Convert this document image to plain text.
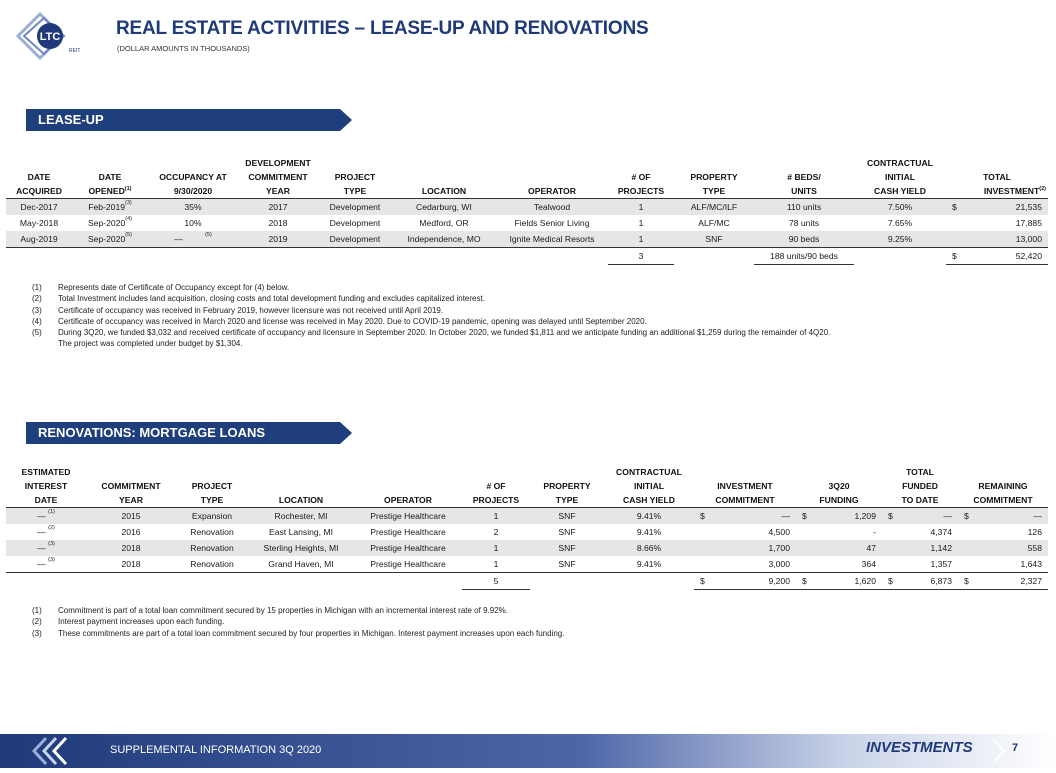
LTC
REIT
REAL ESTATE ACTIVITIES – LEASE-UP AND RENOVATIONS
(DOLLAR AMOUNTS IN THOUSANDS)
LEASE-UP
			DEVELOPMENT							CONTRACTUAL	
DATE	DATE	OCCUPANCY AT	COMMITMENT	PROJECT			# OF	PROPERTY	# BEDS/	INITIAL	TOTAL
ACQUIRED	OPENED$^{(1)}$	9/30/2020	YEAR	TYPE	LOCATION	OPERATOR	PROJECTS	TYPE	UNITS	CASH YIELD	INVESTMENT$^{(2)}$
Dec-2017	Feb-2019$^{(3)}$	35%	2017	Development	Cedarburg, WI	Tealwood	1	ALF/MC/ILF	110 units	7.50%	$ 21,535

May-2018	Sep-2020$^{(4)}$	10%	2018	Development	Medford, OR	Fields Senior Living	1	ALF/MC	78 units	7.65%	17,885

Aug-2019	Sep-2020$^{(5)}$	— $^{(5)}$	2019	Development	Independence, MO	Ignite Medical Resorts	1	SNF	90 beds	9.25%	13,000

							3		188 units/90 beds		$ 52,420
(1)	Represents date of Certificate of Occupancy except for (4) below.
(2)	Total Investment includes land acquisition, closing costs and total development funding and excludes capitalized interest.
(3)	Certificate of occupancy was received in February 2019, however licensure was not received until April 2019.
(4)	Certificate of occupancy was received in March 2020 and license was received in May 2020. Due to COVID-19 pandemic, opening was delayed until September 2020.
(5)	During 3Q20, we funded $3,032 and received certificate of occupancy and licensure in September 2020. In October 2020, we funded $1,811 and we anticipate funding an additional $1,259 during the remainder of 4Q20.
The project was completed under budget by $1,304.
RENOVATIONS: MORTGAGE LOANS
ESTIMATED							CONTRACTUAL			TOTAL	
INTEREST	COMMITMENT	PROJECT			# OF	PROPERTY	INITIAL	INVESTMENT	3Q20	FUNDED	REMAINING
DATE	YEAR	TYPE	LOCATION	OPERATOR	PROJECTS	TYPE	CASH YIELD	COMMITMENT	FUNDING	TO DATE	COMMITMENT
— $^{(1)}$	2015	Expansion	Rochester, MI	Prestige Healthcare	1	SNF	9.41%	$ —	$ 1,209	$ —	$ —

— $^{(2)}$	2016	Renovation	East Lansing, MI	Prestige Healthcare	2	SNF	9.41%	4,500	-	4,374	126

— $^{(3)}$	2018	Renovation	Sterling Heights, MI	Prestige Healthcare	1	SNF	8.66%	1,700	47	1,142	558

— $^{(3)}$	2018	Renovation	Grand Haven, MI	Prestige Healthcare	1	SNF	9.41%	3,000	364	1,357	1,643

					5			$ 9,200	$ 1,620	$ 6,873	$ 2,327
(1)	Commitment is part of a total loan commitment secured by 15 properties in Michigan with an incremental interest rate of 9.92%.
(2)	Interest payment increases upon each funding.
(3)	These commitments are part of a total loan commitment secured by four properties in Michigan. Interest payment increases upon each funding.
SUPPLEMENTAL INFORMATION 3Q 2020	INVESTMENTS	7
